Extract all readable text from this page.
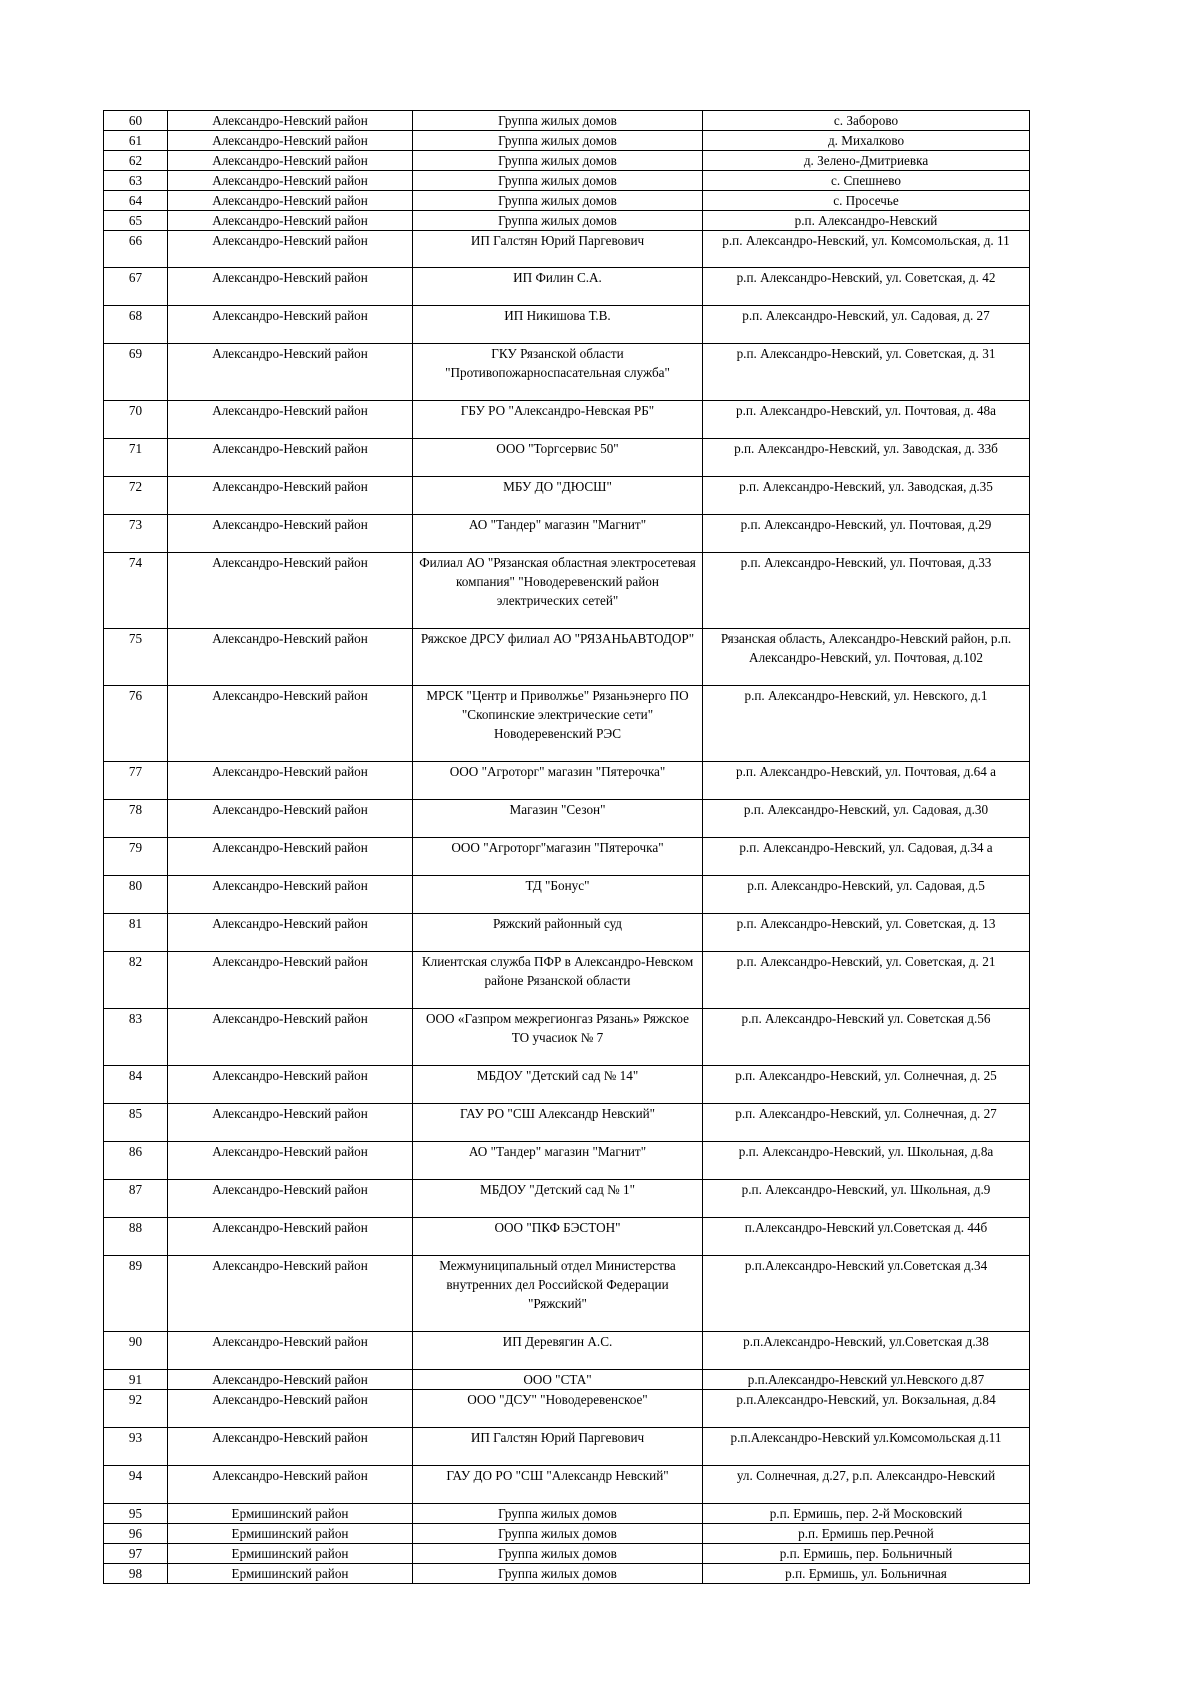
60	Александро-Невский район	Группа жилых домов	с. Заборово
61	Александро-Невский район	Группа жилых домов	д. Михалково
62	Александро-Невский район	Группа жилых домов	д. Зелено-Дмитриевка
63	Александро-Невский район	Группа жилых домов	с. Спешнево
64	Александро-Невский район	Группа жилых домов	с. Просечье
65	Александро-Невский район	Группа жилых домов	р.п. Александро-Невский
66	Александро-Невский район	ИП Галстян Юрий Паргевович	р.п. Александро-Невский, ул. Комсомольская, д. 11
67	Александро-Невский район	ИП Филин С.А.	р.п. Александро-Невский, ул. Советская, д. 42
68	Александро-Невский район	ИП Никишова Т.В.	р.п. Александро-Невский, ул. Садовая, д. 27
69	Александро-Невский район	ГКУ Рязанской области "Противопожарноспасательная служба"	р.п. Александро-Невский, ул. Советская, д. 31
70	Александро-Невский район	ГБУ РО "Александро-Невская РБ"	р.п. Александро-Невский, ул. Почтовая, д. 48а
71	Александро-Невский район	ООО "Торгсервис 50"	р.п. Александро-Невский, ул. Заводская, д. 33б
72	Александро-Невский район	МБУ ДО "ДЮСШ"	р.п. Александро-Невский, ул. Заводская, д.35
73	Александро-Невский район	АО "Тандер" магазин "Магнит"	р.п. Александро-Невский, ул. Почтовая, д.29
74	Александро-Невский район	Филиал АО "Рязанская областная электросетевая компания" "Новодеревенский район электрических сетей"	р.п. Александро-Невский, ул. Почтовая, д.33
75	Александро-Невский район	Ряжское ДРСУ филиал АО "РЯЗАНЬАВТОДОР"	Рязанская область, Александро-Невский район, р.п. Александро-Невский, ул. Почтовая, д.102
76	Александро-Невский район	МРСК "Центр и Приволжье" Рязаньэнерго ПО "Скопинские электрические сети" Новодеревенский РЭС	р.п. Александро-Невский, ул. Невского, д.1
77	Александро-Невский район	ООО "Агроторг" магазин "Пятерочка"	р.п. Александро-Невский, ул. Почтовая, д.64 а
78	Александро-Невский район	Магазин "Сезон"	р.п. Александро-Невский, ул. Садовая, д.30
79	Александро-Невский район	ООО "Агроторг"магазин "Пятерочка"	р.п. Александро-Невский, ул. Садовая, д.34 а
80	Александро-Невский район	ТД "Бонус"	р.п. Александро-Невский, ул. Садовая, д.5
81	Александро-Невский район	Ряжский районный суд	р.п. Александро-Невский, ул. Советская, д. 13
82	Александро-Невский район	Клиентская служба ПФР в Александро-Невском районе Рязанской области	р.п. Александро-Невский, ул. Советская, д. 21
83	Александро-Невский район	ООО «Газпром межрегионгаз Рязань» Ряжское ТО учасиок № 7	р.п. Александро-Невский ул. Советская д.56
84	Александро-Невский район	МБДОУ "Детский сад № 14"	р.п. Александро-Невский, ул. Солнечная, д. 25
85	Александро-Невский район	ГАУ РО "СШ Александр Невский"	р.п. Александро-Невский, ул. Солнечная, д. 27
86	Александро-Невский район	АО "Тандер" магазин "Магнит"	р.п. Александро-Невский, ул. Школьная, д.8а
87	Александро-Невский район	МБДОУ "Детский сад № 1"	р.п. Александро-Невский, ул. Школьная, д.9
88	Александро-Невский район	ООО "ПКФ БЭСТОН"	п.Александро-Невский ул.Советская д. 44б
89	Александро-Невский район	Межмуниципальный отдел Министерства внутренних дел Российской Федерации "Ряжский"	р.п.Александро-Невский ул.Советская д.34
90	Александро-Невский район	ИП Деревягин А.С.	р.п.Александро-Невский, ул.Советская д.38
91	Александро-Невский район	ООО "СТА"	р.п.Александро-Невский ул.Невского д.87
92	Александро-Невский район	ООО "ДСУ" "Новодеревенское"	р.п.Александро-Невский, ул. Вокзальная, д.84
93	Александро-Невский район	ИП Галстян Юрий Паргевович	р.п.Александро-Невский ул.Комсомольская д.11
94	Александро-Невский район	ГАУ ДО РО "СШ "Александр Невский"	ул. Солнечная, д.27, р.п. Александро-Невский
95	Ермишинский район	Группа жилых домов	р.п. Ермишь, пер. 2-й Московский
96	Ермишинский район	Группа жилых домов	р.п. Ермишь пер.Речной
97	Ермишинский район	Группа жилых домов	р.п. Ермишь, пер. Больничный
98	Ермишинский район	Группа жилых домов	р.п. Ермишь, ул. Больничная
